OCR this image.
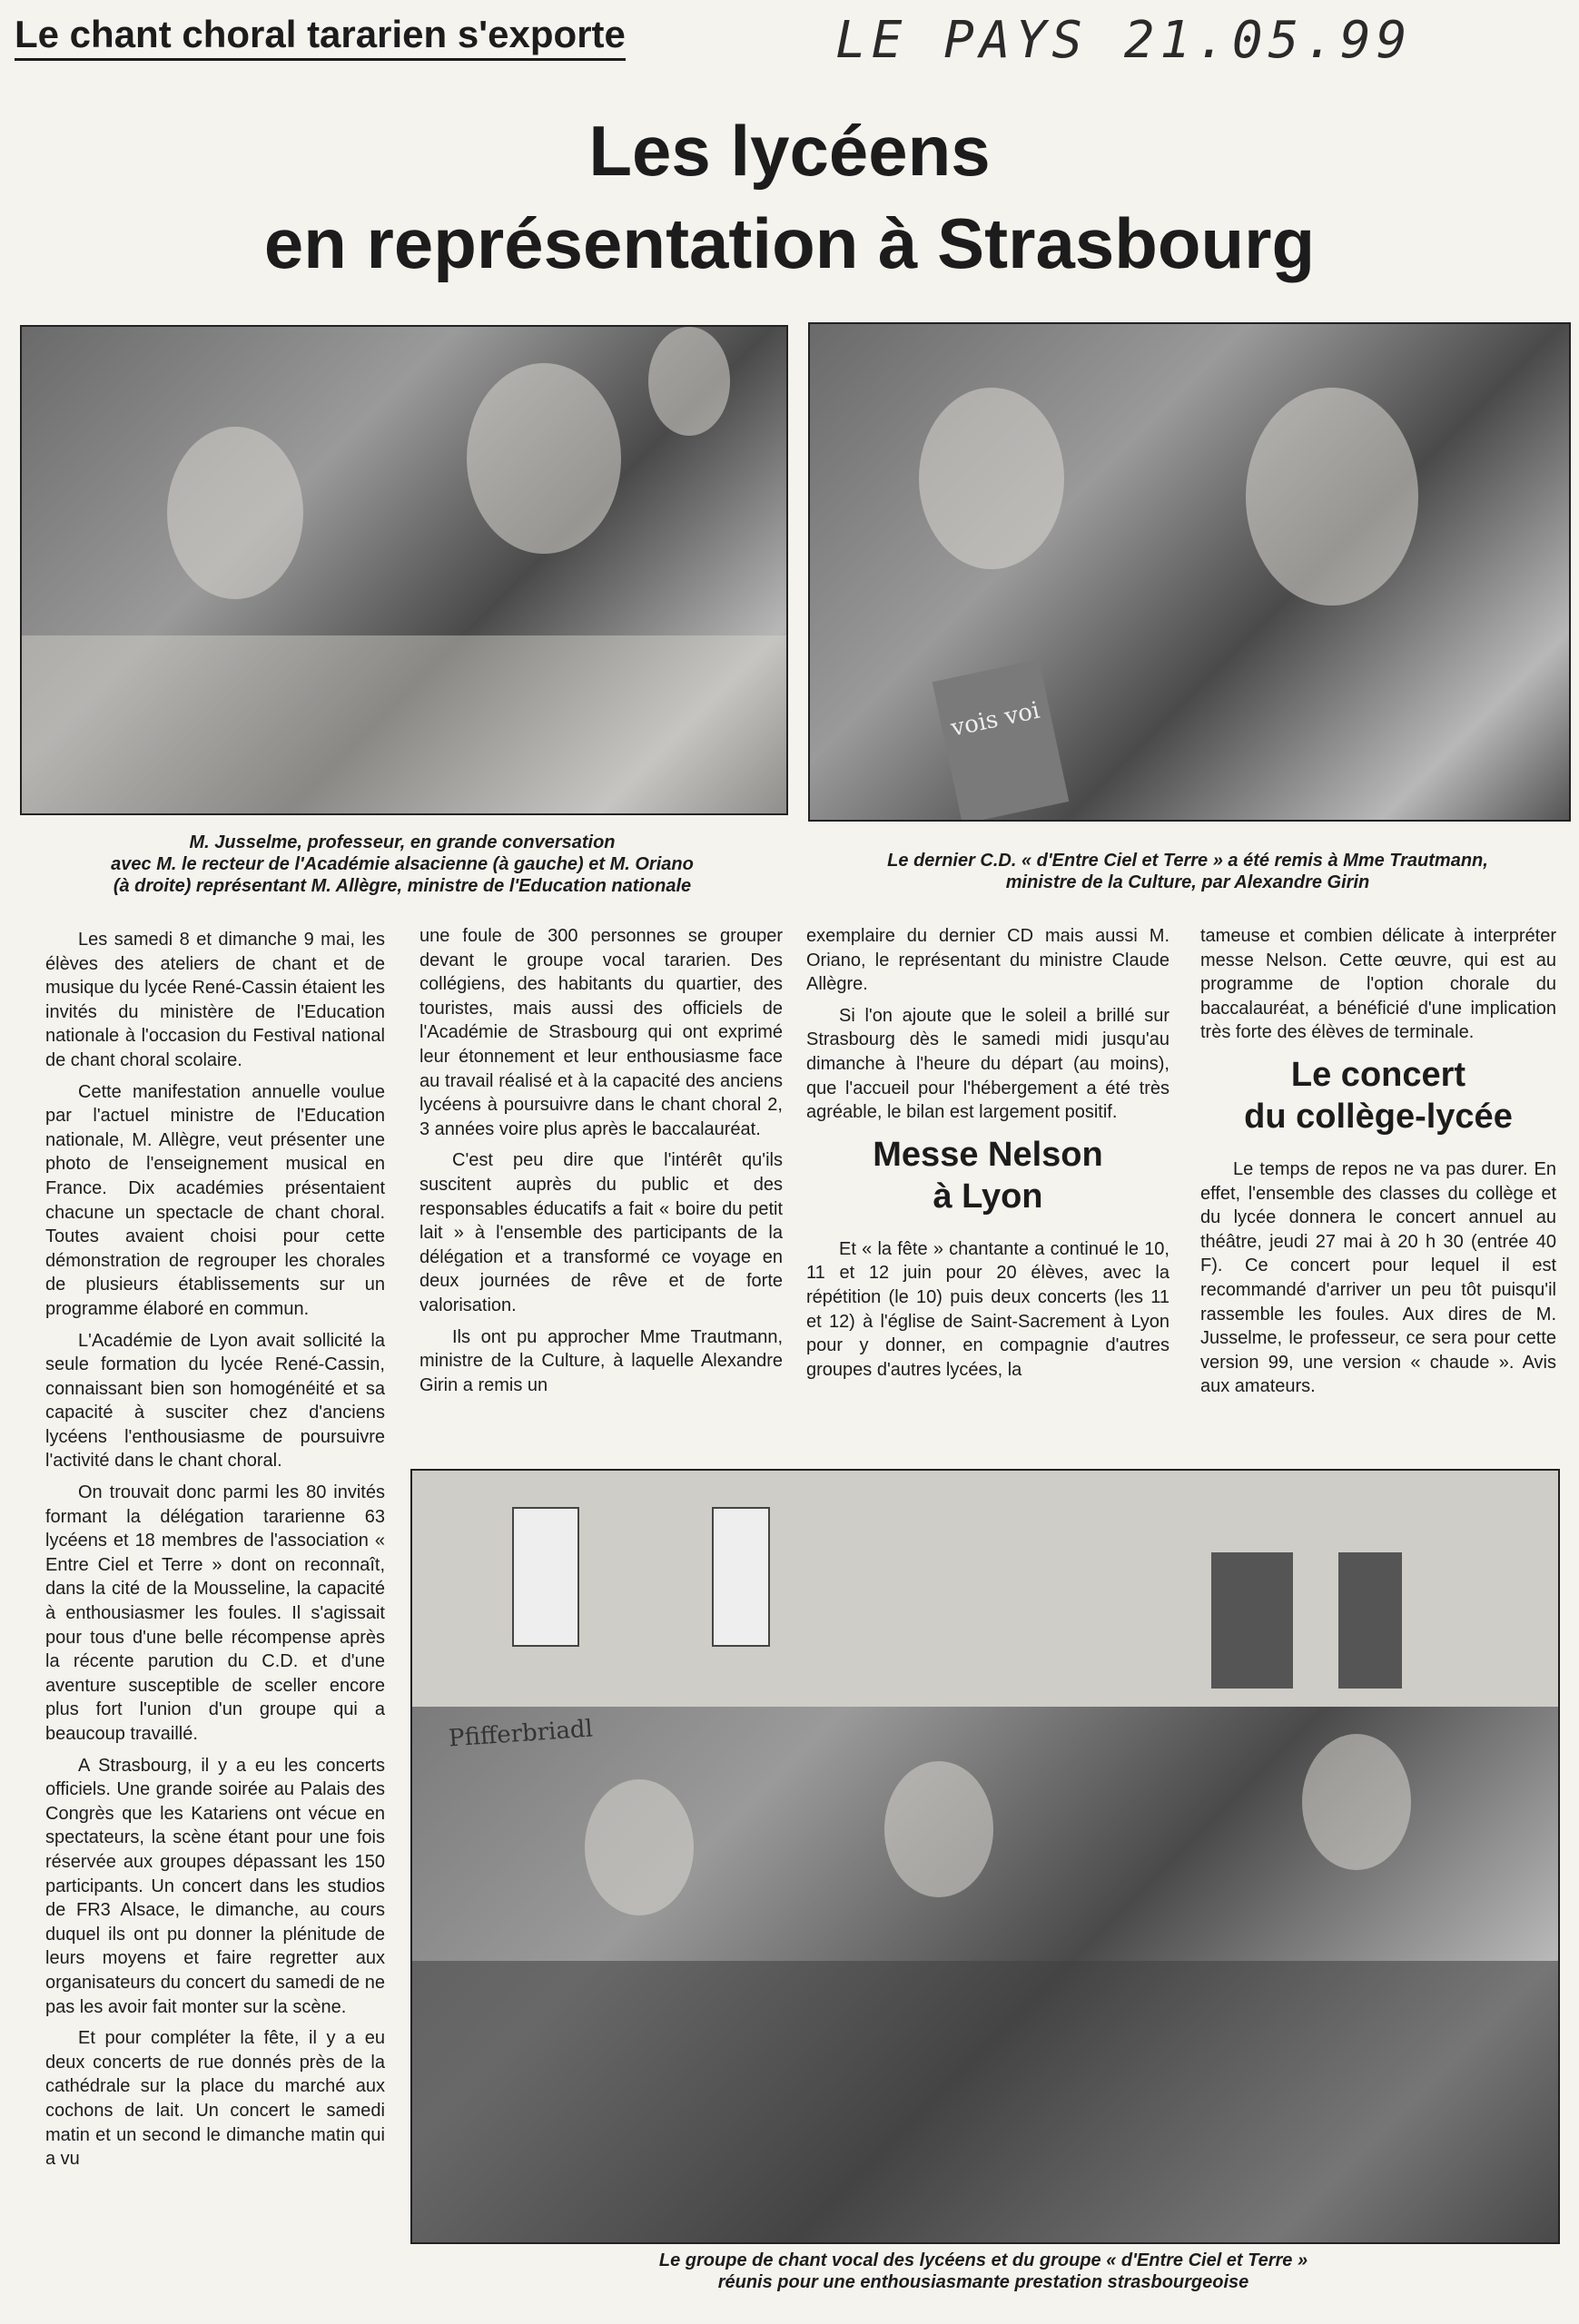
Le chant choral tararien s'exporte	LE PAYS 21.05.99
Les lycéens
en représentation à Strasbourg
M. Jusselme, professeur, en grande conversation
avec M. le recteur de l'Académie alsacienne (à gauche) et M. Oriano
(à droite) représentant M. Allègre, ministre de l'Education nationale
vois voi
Le dernier C.D. « d'Entre Ciel et Terre » a été remis à Mme Trautmann,
ministre de la Culture, par Alexandre Girin

Les samedi 8 et dimanche 9 mai, les élèves des ateliers de chant et de musique du lycée René-Cassin étaient les invités du ministère de l'Education nationale à l'occasion du Festival national de chant choral scolaire.

Cette manifestation annuelle voulue par l'actuel ministre de l'Education nationale, M. Allègre, veut présenter une photo de l'enseignement musical en France. Dix académies présentaient chacune un spectacle de chant choral. Toutes avaient choisi pour cette démonstration de regrouper les chorales de plusieurs établissements sur un programme élaboré en commun.

L'Académie de Lyon avait sollicité la seule formation du lycée René-Cassin, connaissant bien son homogénéité et sa capacité à susciter chez d'anciens lycéens l'enthousiasme de poursuivre l'activité dans le chant choral.

On trouvait donc parmi les 80 invités formant la délégation tararienne 63 lycéens et 18 membres de l'association « Entre Ciel et Terre » dont on reconnaît, dans la cité de la Mousseline, la capacité à enthousiasmer les foules. Il s'agissait pour tous d'une belle récompense après la récente parution du C.D. et d'une aventure susceptible de sceller encore plus fort l'union d'un groupe qui a beaucoup travaillé.

A Strasbourg, il y a eu les concerts officiels. Une grande soirée au Palais des Congrès que les Katariens ont vécue en spectateurs, la scène étant pour une fois réservée aux groupes dépassant les 150 participants. Un concert dans les studios de FR3 Alsace, le dimanche, au cours duquel ils ont pu donner la plénitude de leurs moyens et faire regretter aux organisateurs du concert du samedi de ne pas les avoir fait monter sur la scène.

Et pour compléter la fête, il y a eu deux concerts de rue donnés près de la cathédrale sur la place du marché aux cochons de lait. Un concert le samedi matin et un second le dimanche matin qui a vu

une foule de 300 personnes se grouper devant le groupe vocal tararien. Des collégiens, des habitants du quartier, des touristes, mais aussi des officiels de l'Académie de Strasbourg qui ont exprimé leur étonnement et leur enthousiasme face au travail réalisé et à la capacité des anciens lycéens à poursuivre dans le chant choral 2, 3 années voire plus après le baccalauréat.

C'est peu dire que l'intérêt qu'ils suscitent auprès du public et des responsables éducatifs a fait « boire du petit lait » à l'ensemble des participants de la délégation et a transformé ce voyage en deux journées de rêve et de forte valorisation.

Ils ont pu approcher Mme Trautmann, ministre de la Culture, à laquelle Alexandre Girin a remis un

exemplaire du dernier CD mais aussi M. Oriano, le représentant du ministre Claude Allègre.

Si l'on ajoute que le soleil a brillé sur Strasbourg dès le samedi midi jusqu'au dimanche à l'heure du départ (au moins), que l'accueil pour l'hébergement a été très agréable, le bilan est largement positif.

Messe Nelson
à Lyon

Et « la fête » chantante a continué le 10, 11 et 12 juin pour 20 élèves, avec la répétition (le 10) puis deux concerts (les 11 et 12) à l'église de Saint-Sacrement à Lyon pour y donner, en compagnie d'autres groupes d'autres lycées, la

tameuse et combien délicate à interpréter messe Nelson. Cette œuvre, qui est au programme de l'option chorale du baccalauréat, a bénéficié d'une implication très forte des élèves de terminale.

Le concert
du collège-lycée

Le temps de repos ne va pas durer. En effet, l'ensemble des classes du collège et du lycée donnera le concert annuel au théâtre, jeudi 27 mai à 20 h 30 (entrée 40 F). Ce concert pour lequel il est recommandé d'arriver un peu tôt puisqu'il rassemble les foules. Aux dires de M. Jusselme, le professeur, ce sera pour cette version 99, une version « chaude ». Avis aux amateurs.

Pfifferbriadl
Le groupe de chant vocal des lycéens et du groupe « d'Entre Ciel et Terre »
réunis pour une enthousiasmante prestation strasbourgeoise
